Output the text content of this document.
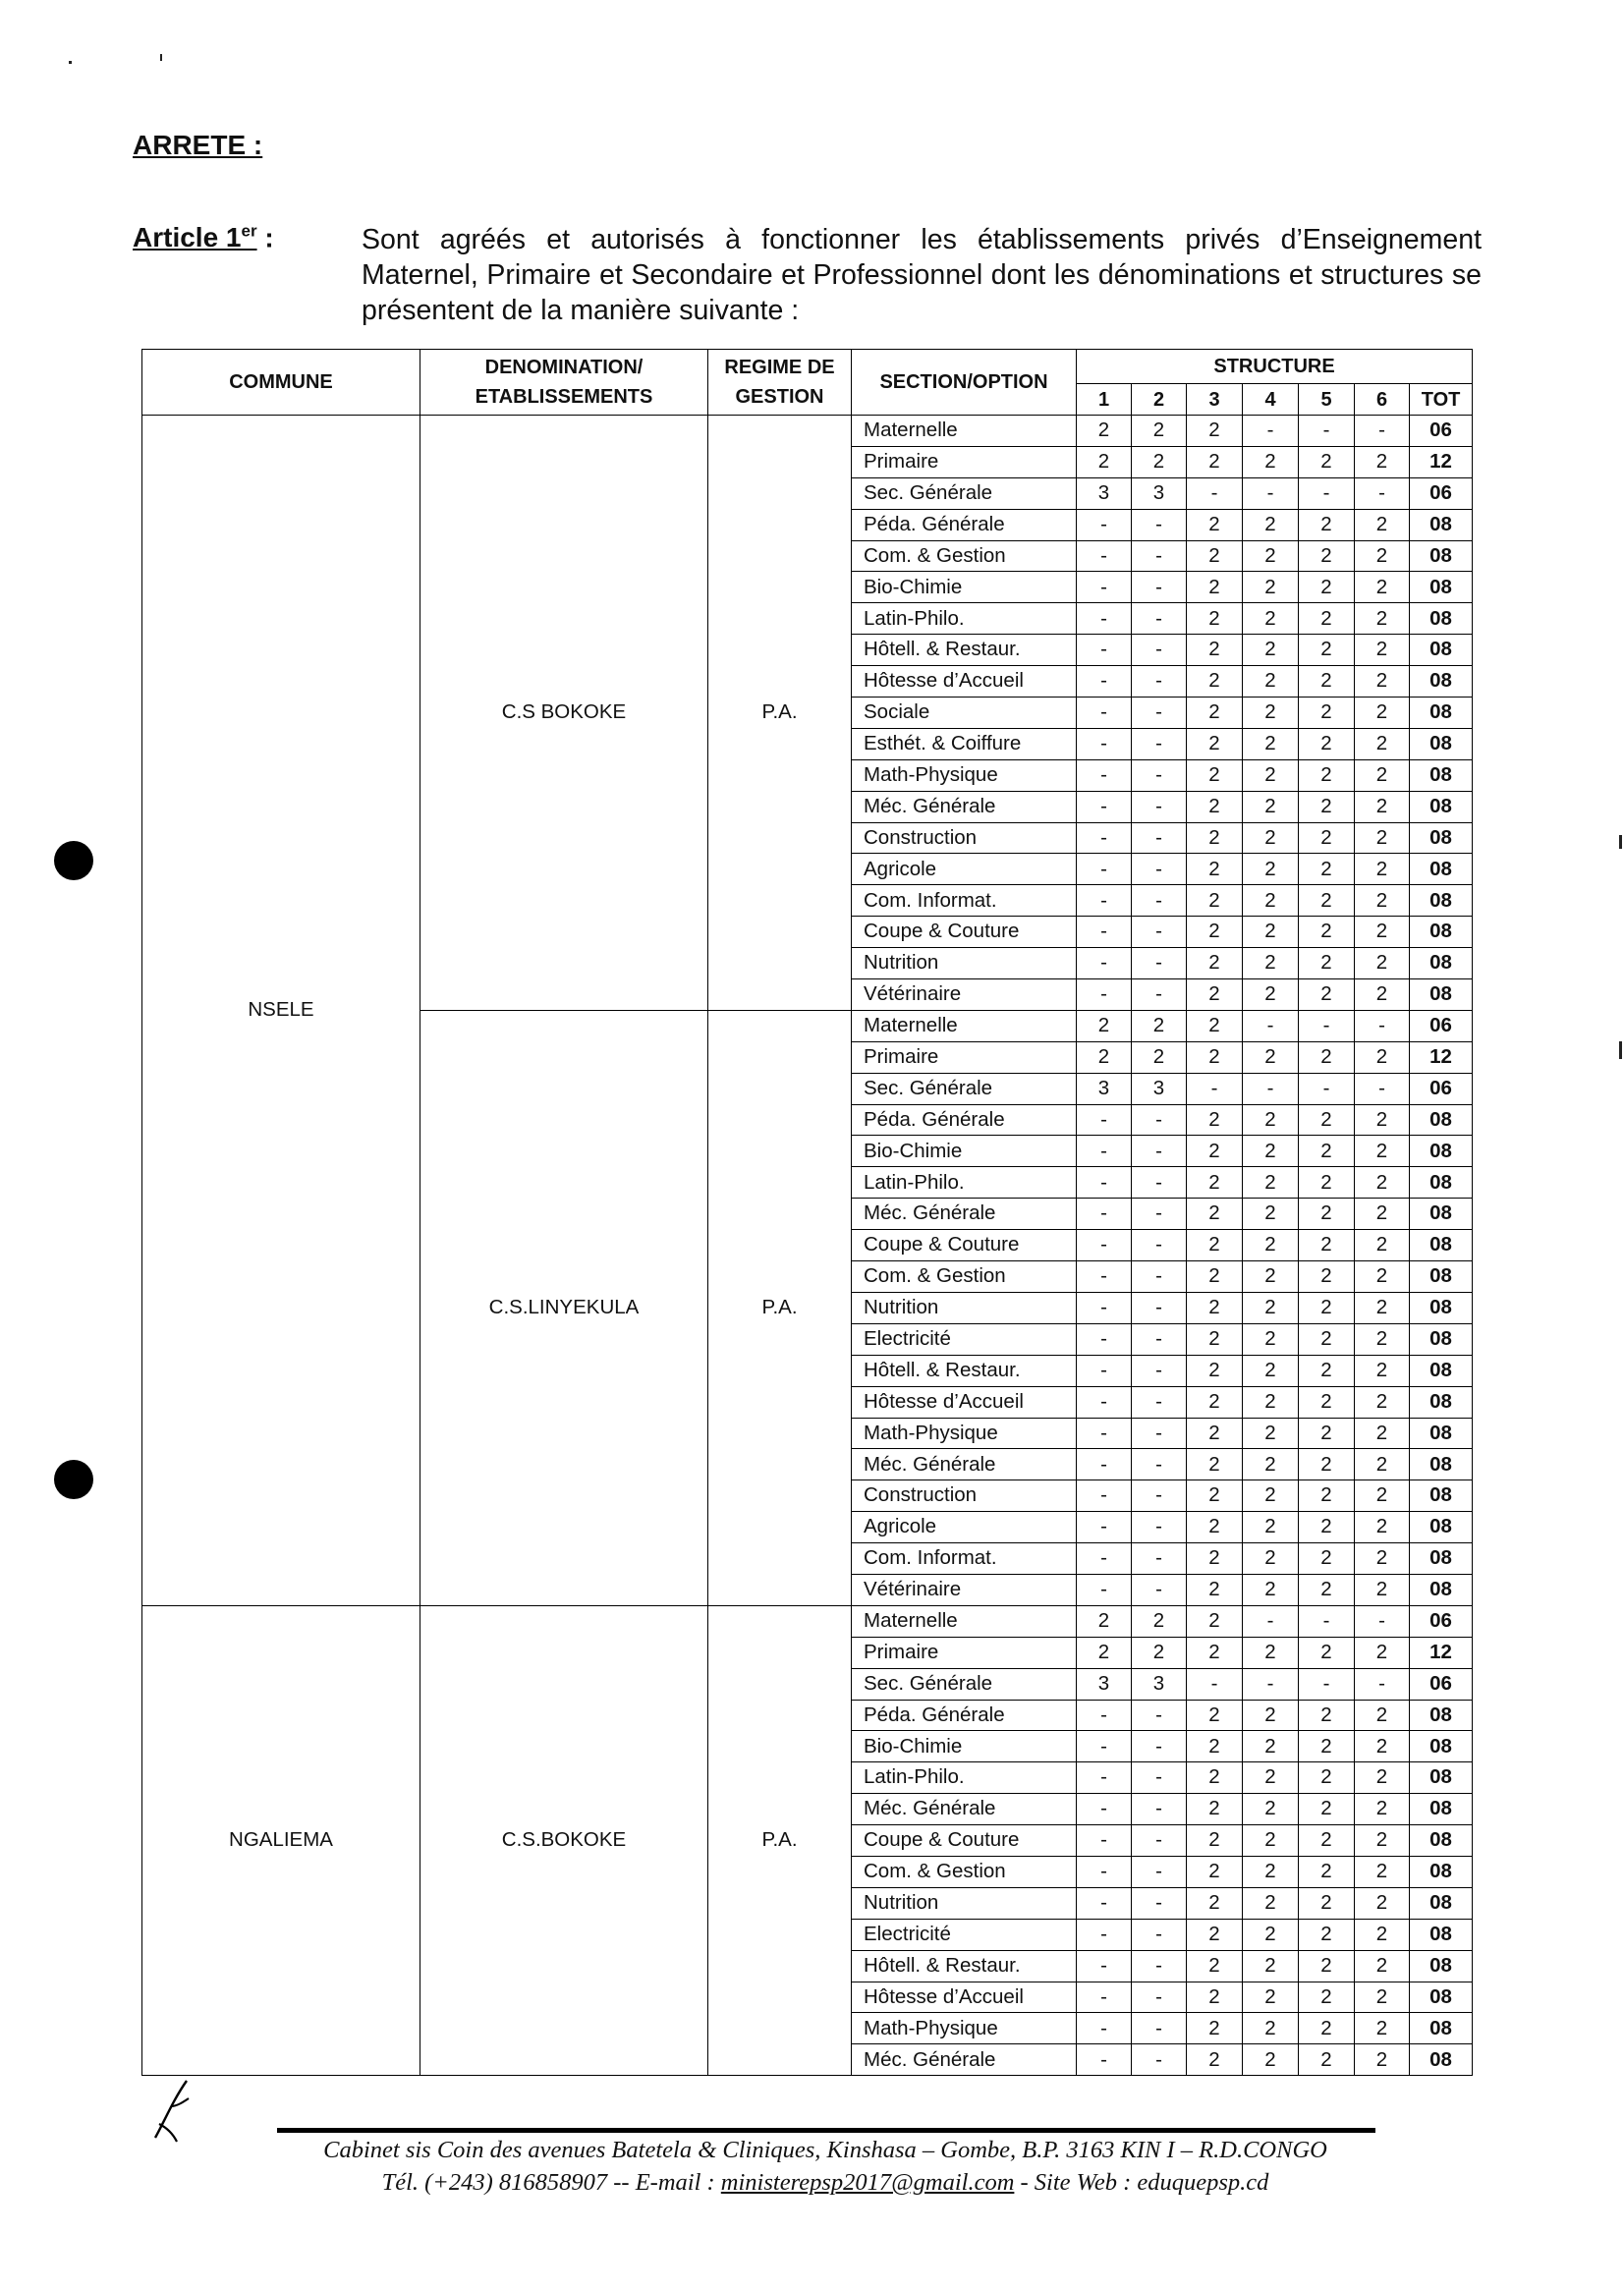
ARRETE :
Article 1er :	Sont agréés et autorisés à fonctionner les établissements privés d’Enseignement Maternel, Primaire et Secondaire et Professionnel dont les dénominations et structures se présentent de la manière suivante :
COMMUNE	DENOMINATION/ ETABLISSEMENTS	REGIME DE GESTION	SECTION/OPTION	STRUCTURE						
				1	2	3	4	5	6	TOT
NSELE	C.S BOKOKE	P.A.	Maternelle	2	2	2	-	-	-	06
			Primaire	2	2	2	2	2	2	12
			Sec. Générale	3	3	-	-	-	-	06
			Péda. Générale	-	-	2	2	2	2	08
			Com. & Gestion	-	-	2	2	2	2	08
			Bio-Chimie	-	-	2	2	2	2	08
			Latin-Philo.	-	-	2	2	2	2	08
			Hôtell. & Restaur.	-	-	2	2	2	2	08
			Hôtesse d’Accueil	-	-	2	2	2	2	08
			Sociale	-	-	2	2	2	2	08
			Esthét. & Coiffure	-	-	2	2	2	2	08
			Math-Physique	-	-	2	2	2	2	08
			Méc. Générale	-	-	2	2	2	2	08
			Construction	-	-	2	2	2	2	08
			Agricole	-	-	2	2	2	2	08
			Com. Informat.	-	-	2	2	2	2	08
			Coupe & Couture	-	-	2	2	2	2	08
			Nutrition	-	-	2	2	2	2	08
			Vétérinaire	-	-	2	2	2	2	08
	C.S.LINYEKULA	P.A.	Maternelle	2	2	2	-	-	-	06
			Primaire	2	2	2	2	2	2	12
			Sec. Générale	3	3	-	-	-	-	06
			Péda. Générale	-	-	2	2	2	2	08
			Bio-Chimie	-	-	2	2	2	2	08
			Latin-Philo.	-	-	2	2	2	2	08
			Méc. Générale	-	-	2	2	2	2	08
			Coupe & Couture	-	-	2	2	2	2	08
			Com. & Gestion	-	-	2	2	2	2	08
			Nutrition	-	-	2	2	2	2	08
			Electricité	-	-	2	2	2	2	08
			Hôtell. & Restaur.	-	-	2	2	2	2	08
			Hôtesse d’Accueil	-	-	2	2	2	2	08
			Math-Physique	-	-	2	2	2	2	08
			Méc. Générale	-	-	2	2	2	2	08
			Construction	-	-	2	2	2	2	08
			Agricole	-	-	2	2	2	2	08
			Com. Informat.	-	-	2	2	2	2	08
			Vétérinaire	-	-	2	2	2	2	08
NGALIEMA	C.S.BOKOKE	P.A.	Maternelle	2	2	2	-	-	-	06
			Primaire	2	2	2	2	2	2	12
			Sec. Générale	3	3	-	-	-	-	06
			Péda. Générale	-	-	2	2	2	2	08
			Bio-Chimie	-	-	2	2	2	2	08
			Latin-Philo.	-	-	2	2	2	2	08
			Méc. Générale	-	-	2	2	2	2	08
			Coupe & Couture	-	-	2	2	2	2	08
			Com. & Gestion	-	-	2	2	2	2	08
			Nutrition	-	-	2	2	2	2	08
			Electricité	-	-	2	2	2	2	08
			Hôtell. & Restaur.	-	-	2	2	2	2	08
			Hôtesse d’Accueil	-	-	2	2	2	2	08
			Math-Physique	-	-	2	2	2	2	08
			Méc. Générale	-	-	2	2	2	2	08
Cabinet sis Coin des avenues Batetela & Cliniques, Kinshasa – Gombe, B.P. 3163 KIN I – R.D.CONGO
Tél. (+243) 816858907 -- E-mail : ministerepsp2017@gmail.com - Site Web : eduquepsp.cd
